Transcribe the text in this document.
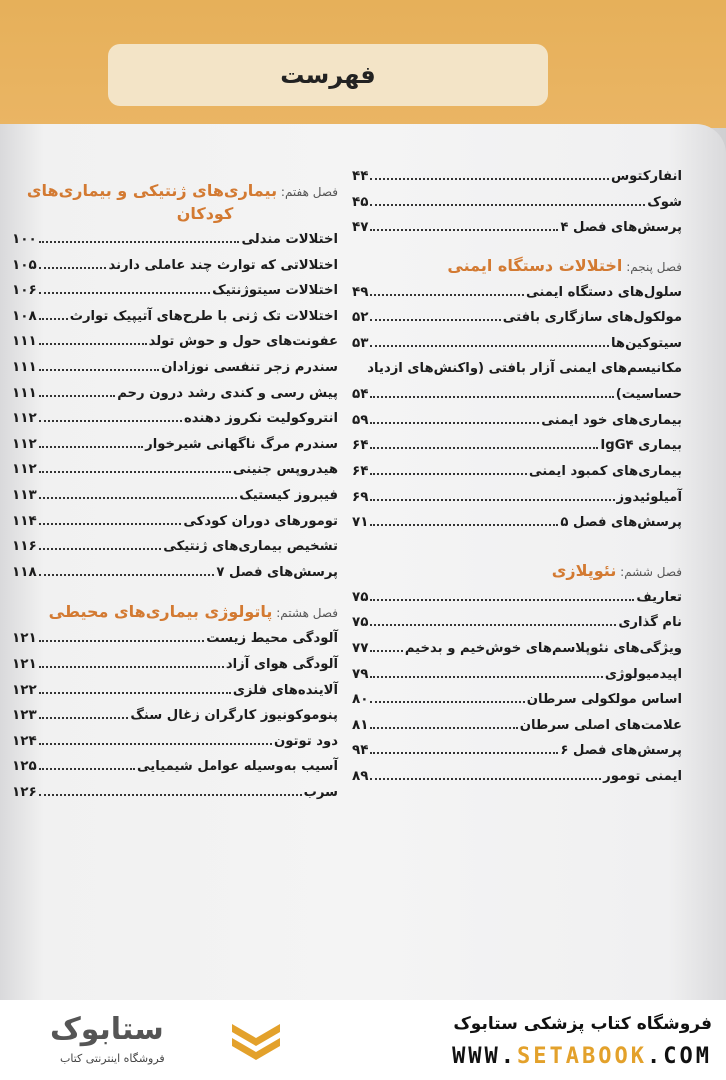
فهرست
انفارکتوس
۴۴
شوک
۴۵
پرسش‌های فصل ۴
۴۷
فصل پنجم: اختلالات دستگاه ایمنی
سلول‌های دستگاه ایمنی
۴۹
مولکول‌های سازگاری بافتی
۵۲
سیتوکین‌ها
۵۳
مکانیسم‌های ایمنی آزار بافتی (واکنش‌های ازدیاد
حساسیت)
۵۴
بیماری‌های خود ایمنی
۵۹
بیماری IgG۴
۶۴
بیماری‌های کمبود ایمنی
۶۴
آمیلوئیدوز
۶۹
پرسش‌های فصل ۵
۷۱
فصل ششم: نئوپلازی
تعاریف
۷۵
نام گذاری
۷۵
ویژگی‌های نئوپلاسم‌های خوش‌خیم و بدخیم
۷۷
اپیدمیولوژی
۷۹
اساس مولکولی سرطان
۸۰
علامت‌های اصلی سرطان
۸۱
پرسش‌های فصل ۶
۹۴
ایمنی تومور
۸۹
فصل هفتم: بیماری‌های ژنتیکی و بیماری‌های
کودکان
اختلالات مندلی
۱۰۰
اختلالاتی که توارث چند عاملی دارند
۱۰۵
اختلالات سیتوژنتیک
۱۰۶
اختلالات تک ژنی با طرح‌های آتیپیک توارث
۱۰۸
عفونت‌های حول و حوش تولد
۱۱۱
سندرم زجر تنفسی نوزادان
۱۱۱
پیش رسی و کندی رشد درون رحم
۱۱۱
انتروکولیت نکروز دهنده
۱۱۲
سندرم مرگ ناگهانی شیرخوار
۱۱۲
هیدروپس جنینی
۱۱۲
فیبروز کیستیک
۱۱۳
تومورهای دوران کودکی
۱۱۴
تشخیص بیماری‌های ژنتیکی
۱۱۶
پرسش‌های فصل ۷
۱۱۸
فصل هشتم: پاتولوژی بیماری‌های محیطی
آلودگی محیط زیست
۱۲۱
آلودگی هوای آزاد
۱۲۱
آلاینده‌های فلزی
۱۲۲
پنوموکونیوز کارگران زغال سنگ
۱۲۳
دود توتون
۱۲۴
آسیب به‌وسیله عوامل شیمیایی
۱۲۵
سرب
۱۲۶
فروشگاه کتاب پزشکی ستابوک
WWW.SETABOOK.COM
ستابوک
فروشگاه اینترنتی کتاب
